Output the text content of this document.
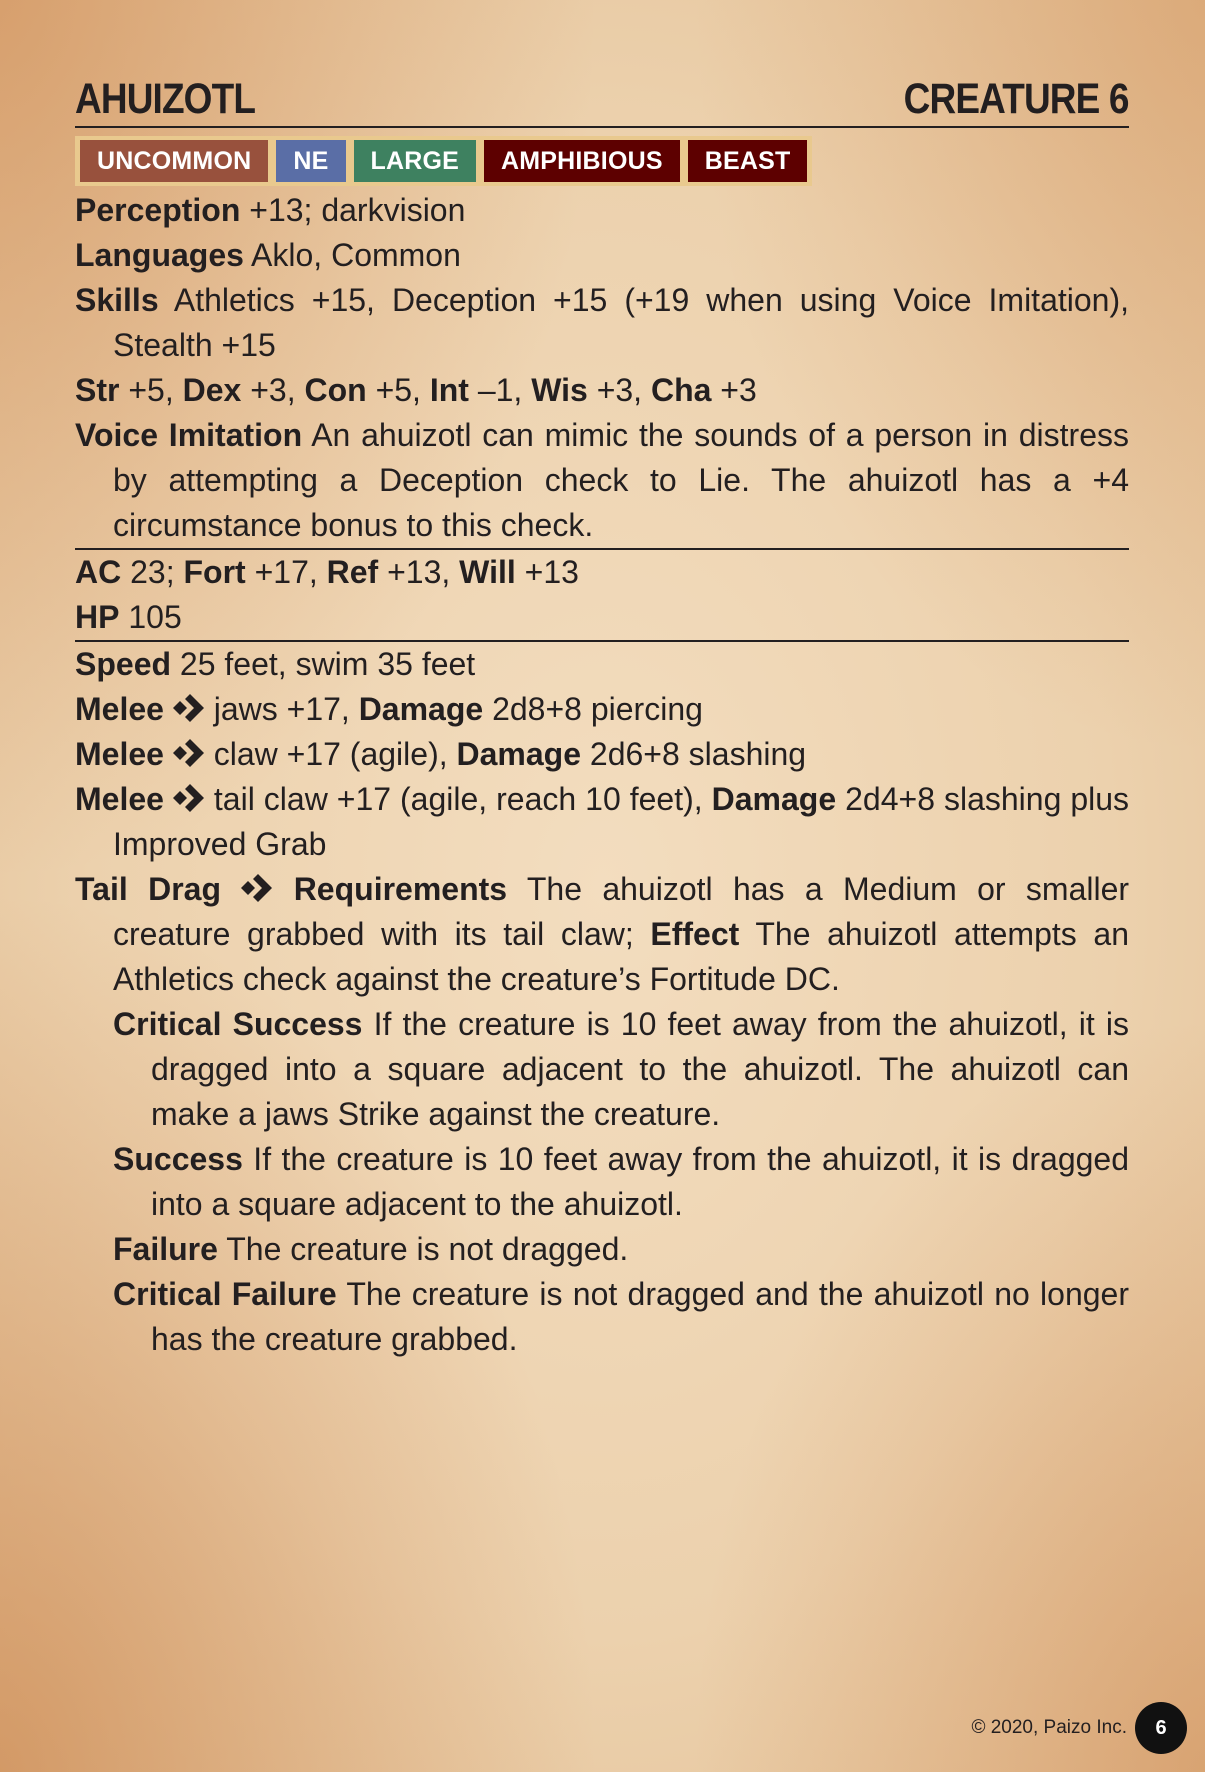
AHUIZOTL	CREATURE 6
UNCOMMON	NE	LARGE	AMPHIBIOUS	BEAST
Perception +13; darkvision
Languages Aklo, Common
Skills Athletics +15, Deception +15 (+19 when using Voice Imitation), Stealth +15
Str +5, Dex +3, Con +5, Int –1, Wis +3, Cha +3
Voice Imitation An ahuizotl can mimic the sounds of a person in distress by attempting a Deception check to Lie. The ahuizotl has a +4 circumstance bonus to this check.
AC 23; Fort +17, Ref +13, Will +13
HP 105
Speed 25 feet, swim 35 feet
Melee jaws +17, Damage 2d8+8 piercing
Melee claw +17 (agile), Damage 2d6+8 slashing
Melee tail claw +17 (agile, reach 10 feet), Damage 2d4+8 slashing plus Improved Grab
Tail Drag Requirements The ahuizotl has a Medium or smaller creature grabbed with its tail claw; Effect The ahuizotl attempts an Athletics check against the creature’s Fortitude DC.
Critical Success If the creature is 10 feet away from the ahuizotl, it is dragged into a square adjacent to the ahuizotl. The ahuizotl can make a jaws Strike against the creature.
Success If the creature is 10 feet away from the ahuizotl, it is dragged into a square adjacent to the ahuizotl.
Failure The creature is not dragged.
Critical Failure The creature is not dragged and the ahuizotl no longer has the creature grabbed.
© 2020, Paizo Inc.	6
